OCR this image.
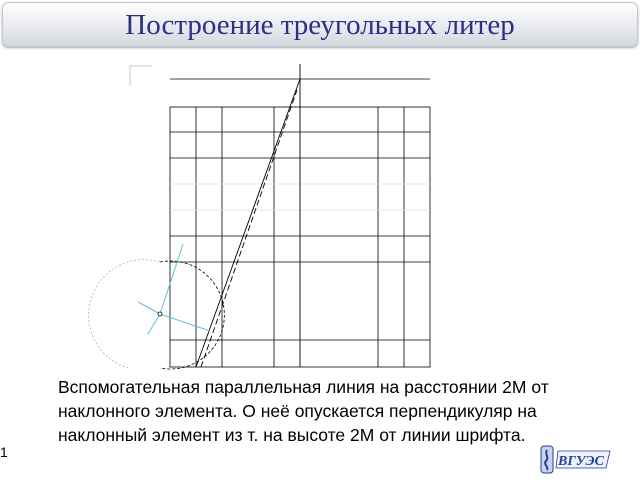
Построение треугольных литер
Вспомогательная параллельная линия на расстоянии 2М от наклонного элемента. О неё опускается перпендикуляр на наклонный элемент из т. на высоте 2М от линии шрифта.
1
ВГУЭС
